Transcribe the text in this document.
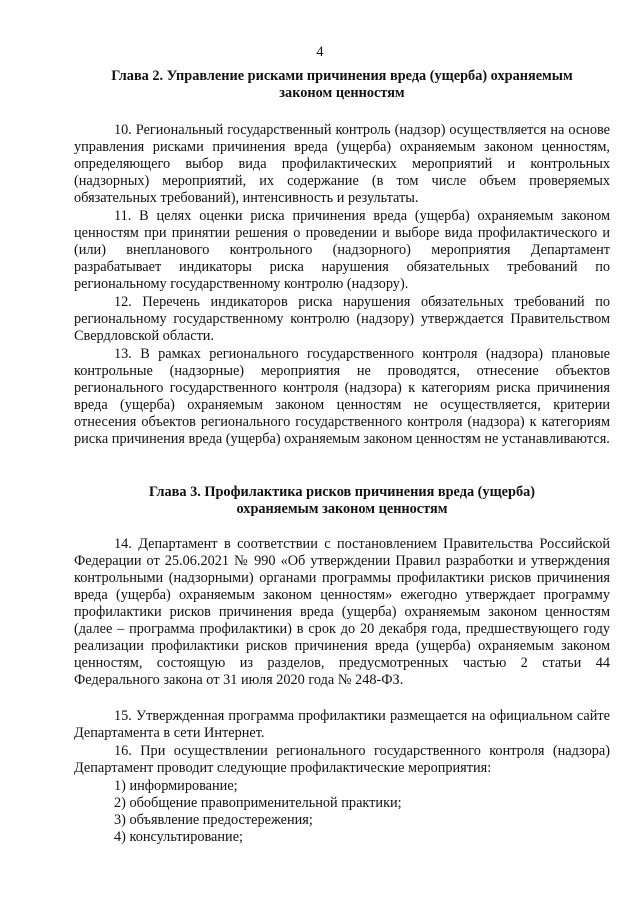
4

Глава 2. Управление рисками причинения вреда (ущерба) охраняемым

законом ценностям

10. Региональный государственный контроль (надзор) осуществляется на основе управления рисками причинения вреда (ущерба) охраняемым законом ценностям, определяющего выбор вида профилактических мероприятий и контрольных (надзорных) мероприятий, их содержание (в том числе объем проверяемых обязательных требований), интенсивность и результаты.

11. В целях оценки риска причинения вреда (ущерба) охраняемым законом ценностям при принятии решения о проведении и выборе вида профилактического и (или) внепланового контрольного (надзорного) мероприятия Департамент разрабатывает индикаторы риска нарушения обязательных требований по региональному государственному контролю (надзору).

12. Перечень индикаторов риска нарушения обязательных требований по региональному государственному контролю (надзору) утверждается Правительством Свердловской области.

13. В рамках регионального государственного контроля (надзора) плановые контрольные (надзорные) мероприятия не проводятся, отнесение объектов регионального государственного контроля (надзора) к категориям риска причинения вреда (ущерба) охраняемым законом ценностям не осуществляется, критерии отнесения объектов регионального государственного контроля (надзора) к категориям риска причинения вреда (ущерба) охраняемым законом ценностям не устанавливаются.

Глава 3. Профилактика рисков причинения вреда (ущерба)

охраняемым законом ценностям

14. Департамент в соответствии с постановлением Правительства Российской Федерации от 25.06.2021 № 990 «Об утверждении Правил разработки и утверждения контрольными (надзорными) органами программы профилактики рисков причинения вреда (ущерба) охраняемым законом ценностям» ежегодно утверждает программу профилактики рисков причинения вреда (ущерба) охраняемым законом ценностям (далее – программа профилактики) в срок до 20 декабря года, предшествующего году реализации профилактики рисков причинения вреда (ущерба) охраняемым законом ценностям, состоящую из разделов, предусмотренных частью 2 статьи 44 Федерального закона от 31 июля 2020 года № 248-ФЗ.

15. Утвержденная программа профилактики размещается на официальном сайте Департамента в сети Интернет.

16. При осуществлении регионального государственного контроля (надзора) Департамент проводит следующие профилактические мероприятия:

1) информирование;

2) обобщение правоприменительной практики;

3) объявление предостережения;

4) консультирование;
